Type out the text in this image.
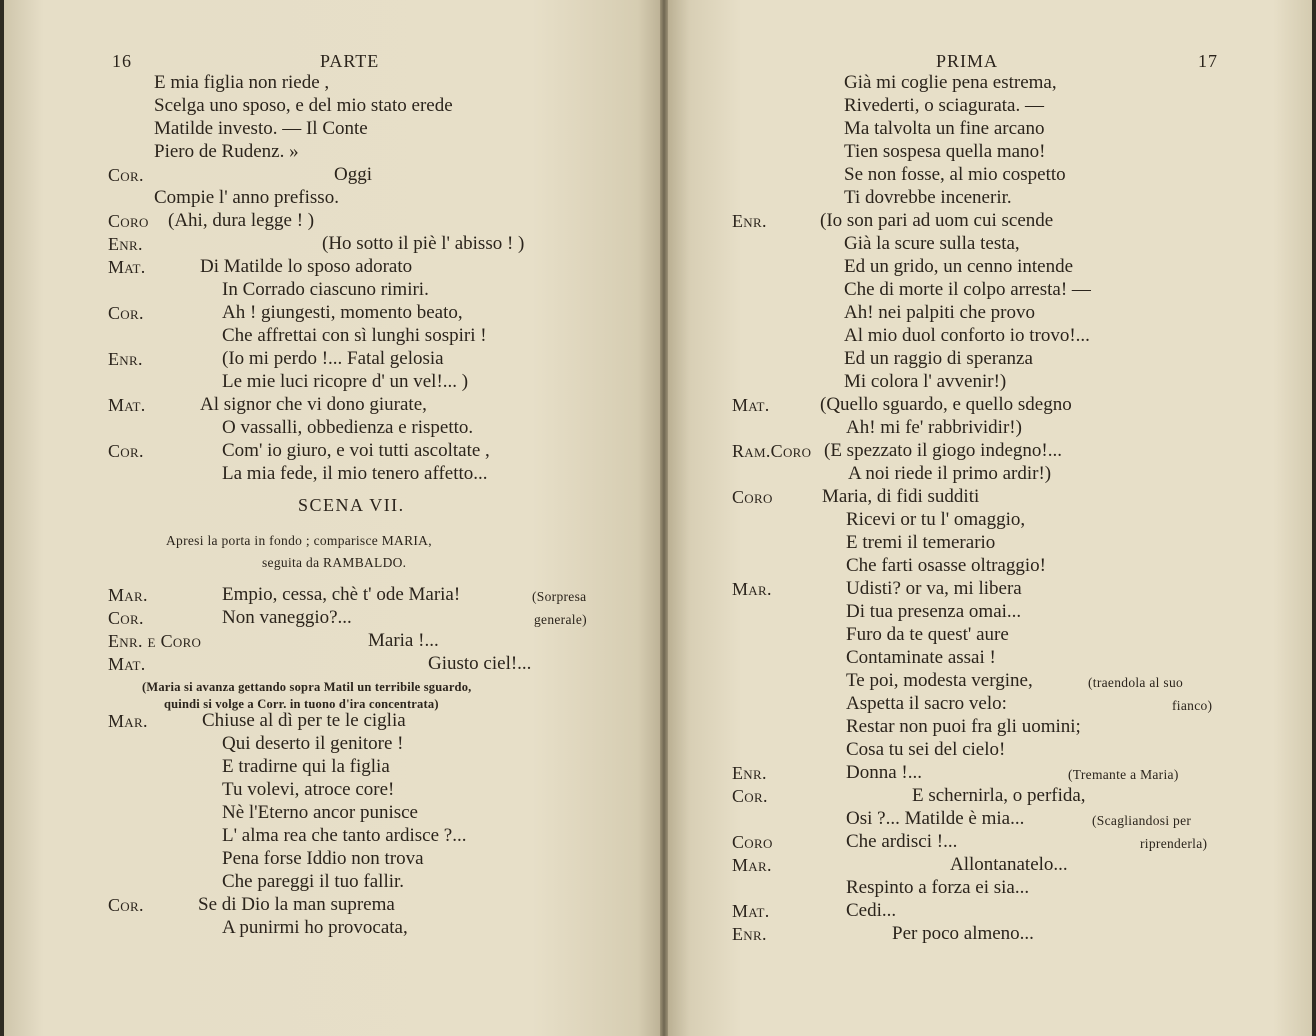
16	PARTE
E mia figlia non riede ,
Scelga uno sposo, e del mio stato erede
Matilde investo. — Il Conte
Piero de Rudenz. »
Cor.	Oggi
Compie l' anno prefisso.
Coro (Ahi, dura legge ! )
Enr.	(Ho sotto il piè l' abisso ! )
Mat.	Di Matilde lo sposo adorato
In Corrado ciascuno rimiri.
Cor.	Ah ! giungesti, momento beato,
Che affrettai con sì lunghi sospiri !
Enr.	(Io mi perdo !... Fatal gelosia
Le mie luci ricopre d' un vel!... )
Mat.	Al signor che vi dono giurate,
O vassalli, obbedienza e rispetto.
Cor.	Com' io giuro, e voi tutti ascoltate ,
La mia fede, il mio tenero affetto...
SCENA VII.
Apresi la porta in fondo ; comparisce MARIA,
seguita da RAMBALDO.
Mar.	Empio, cessa, chè t' ode Maria!	(Sorpresa
Cor.	Non vaneggio?...	generale)
Enr. e Coro	Maria !...
Mat.	Giusto ciel!...
(Maria si avanza gettando sopra Matil un terribile sguardo,
quindi si volge a Corr. in tuono d'ira concentrata)
Mar.	Chiuse al dì per te le ciglia
Qui deserto il genitore !
E tradirne qui la figlia
Tu volevi, atroce core!
Nè l'Eterno ancor punisce
L' alma rea che tanto ardisce ?...
Pena forse Iddio non trova
Che pareggi il tuo fallir.
Cor.	Se di Dio la man suprema
A punirmi ho provocata,
PRIMA	17
Già mi coglie pena estrema,
Rivederti, o sciagurata. —
Ma talvolta un fine arcano
Tien sospesa quella mano!
Se non fosse, al mio cospetto
Ti dovrebbe incenerir.
Enr.	(Io son pari ad uom cui scende
Già la scure sulla testa,
Ed un grido, un cenno intende
Che di morte il colpo arresta! —
Ah! nei palpiti che provo
Al mio duol conforto io trovo!...
Ed un raggio di speranza
Mi colora l' avvenir!)
Mat.	(Quello sguardo, e quello sdegno
Ah! mi fe' rabbrividir!)
Ram.Coro (E spezzato il giogo indegno!...
A noi riede il primo ardir!)
Coro	Maria, di fidi sudditi
Ricevi or tu l' omaggio,
E tremi il temerario
Che farti osasse oltraggio!
Mar.	Udisti? or va, mi libera
Di tua presenza omai...
Furo da te quest' aure
Contaminate assai !
Te poi, modesta vergine,	(traendola al suo
Aspetta il sacro velo:	fianco)
Restar non puoi fra gli uomini;
Cosa tu sei del cielo!
Enr.	Donna !...	(Tremante a Maria)
Cor.	E schernirla, o perfida,
Osi ?... Matilde è mia...	(Scagliandosi per
Coro	Che ardisci !...	riprenderla)
Mar.	Allontanatelo...
Respinto a forza ei sia...
Mat.	Cedi...
Enr.	Per poco almeno...
